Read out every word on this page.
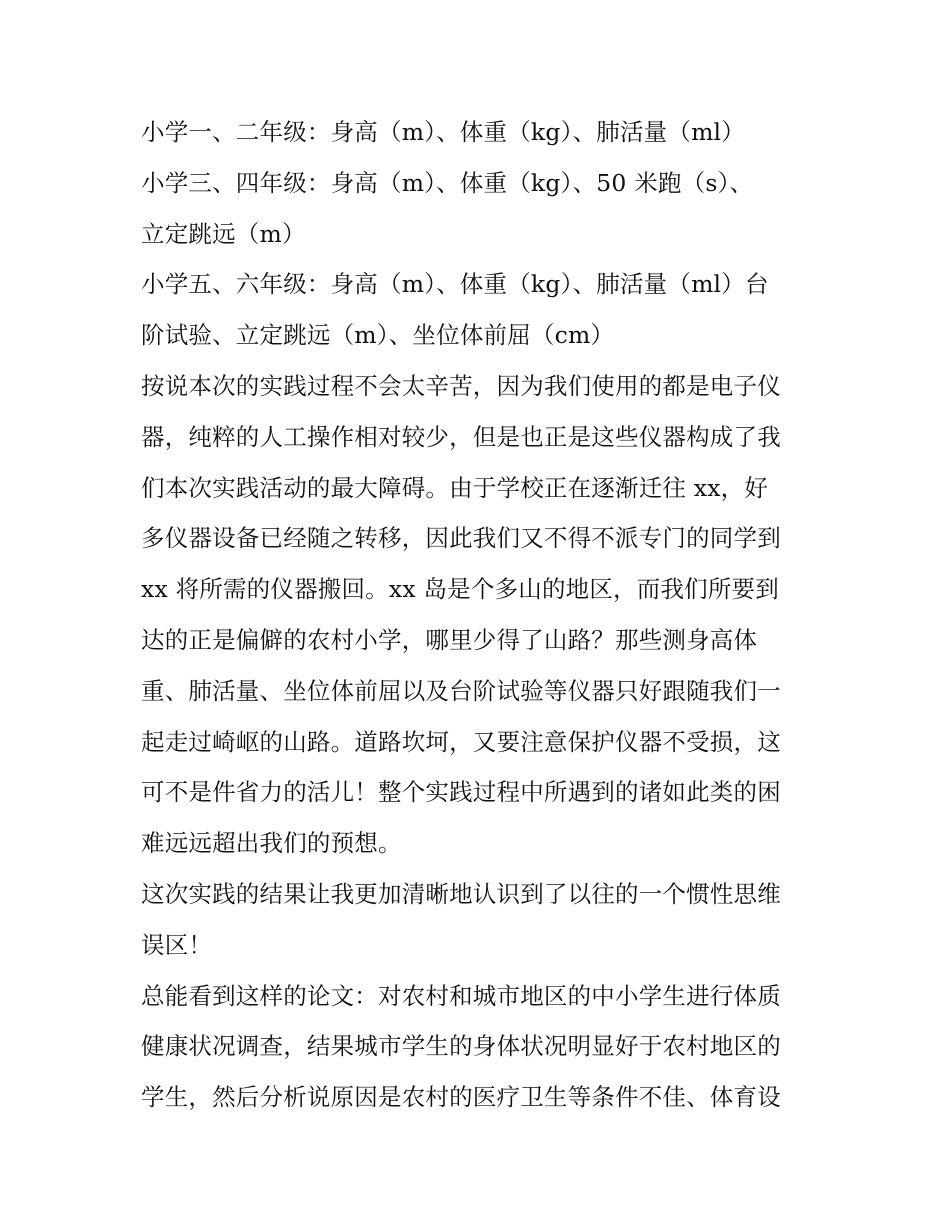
小学一、二年级：身高（m）、体重（kg）、肺活量（ml）
小学三、四年级：身高（m）、体重（kg）、50 米跑（s）、
立定跳远（m）
小学五、六年级：身高（m）、体重（kg）、肺活量（ml）台
阶试验、立定跳远（m）、坐位体前屈（cm）
按说本次的实践过程不会太辛苦，因为我们使用的都是电子仪
器，纯粹的人工操作相对较少，但是也正是这些仪器构成了我
们本次实践活动的最大障碍。由于学校正在逐渐迁往 xx，好
多仪器设备已经随之转移，因此我们又不得不派专门的同学到
xx 将所需的仪器搬回。xx 岛是个多山的地区，而我们所要到
达的正是偏僻的农村小学，哪里少得了山路？那些测身高体
重、肺活量、坐位体前屈以及台阶试验等仪器只好跟随我们一
起走过崎岖的山路。道路坎坷，又要注意保护仪器不受损，这
可不是件省力的活儿！整个实践过程中所遇到的诸如此类的困
难远远超出我们的预想。
这次实践的结果让我更加清晰地认识到了以往的一个惯性思维
误区！
总能看到这样的论文：对农村和城市地区的中小学生进行体质
健康状况调查，结果城市学生的身体状况明显好于农村地区的
学生，然后分析说原因是农村的医疗卫生等条件不佳、体育设
